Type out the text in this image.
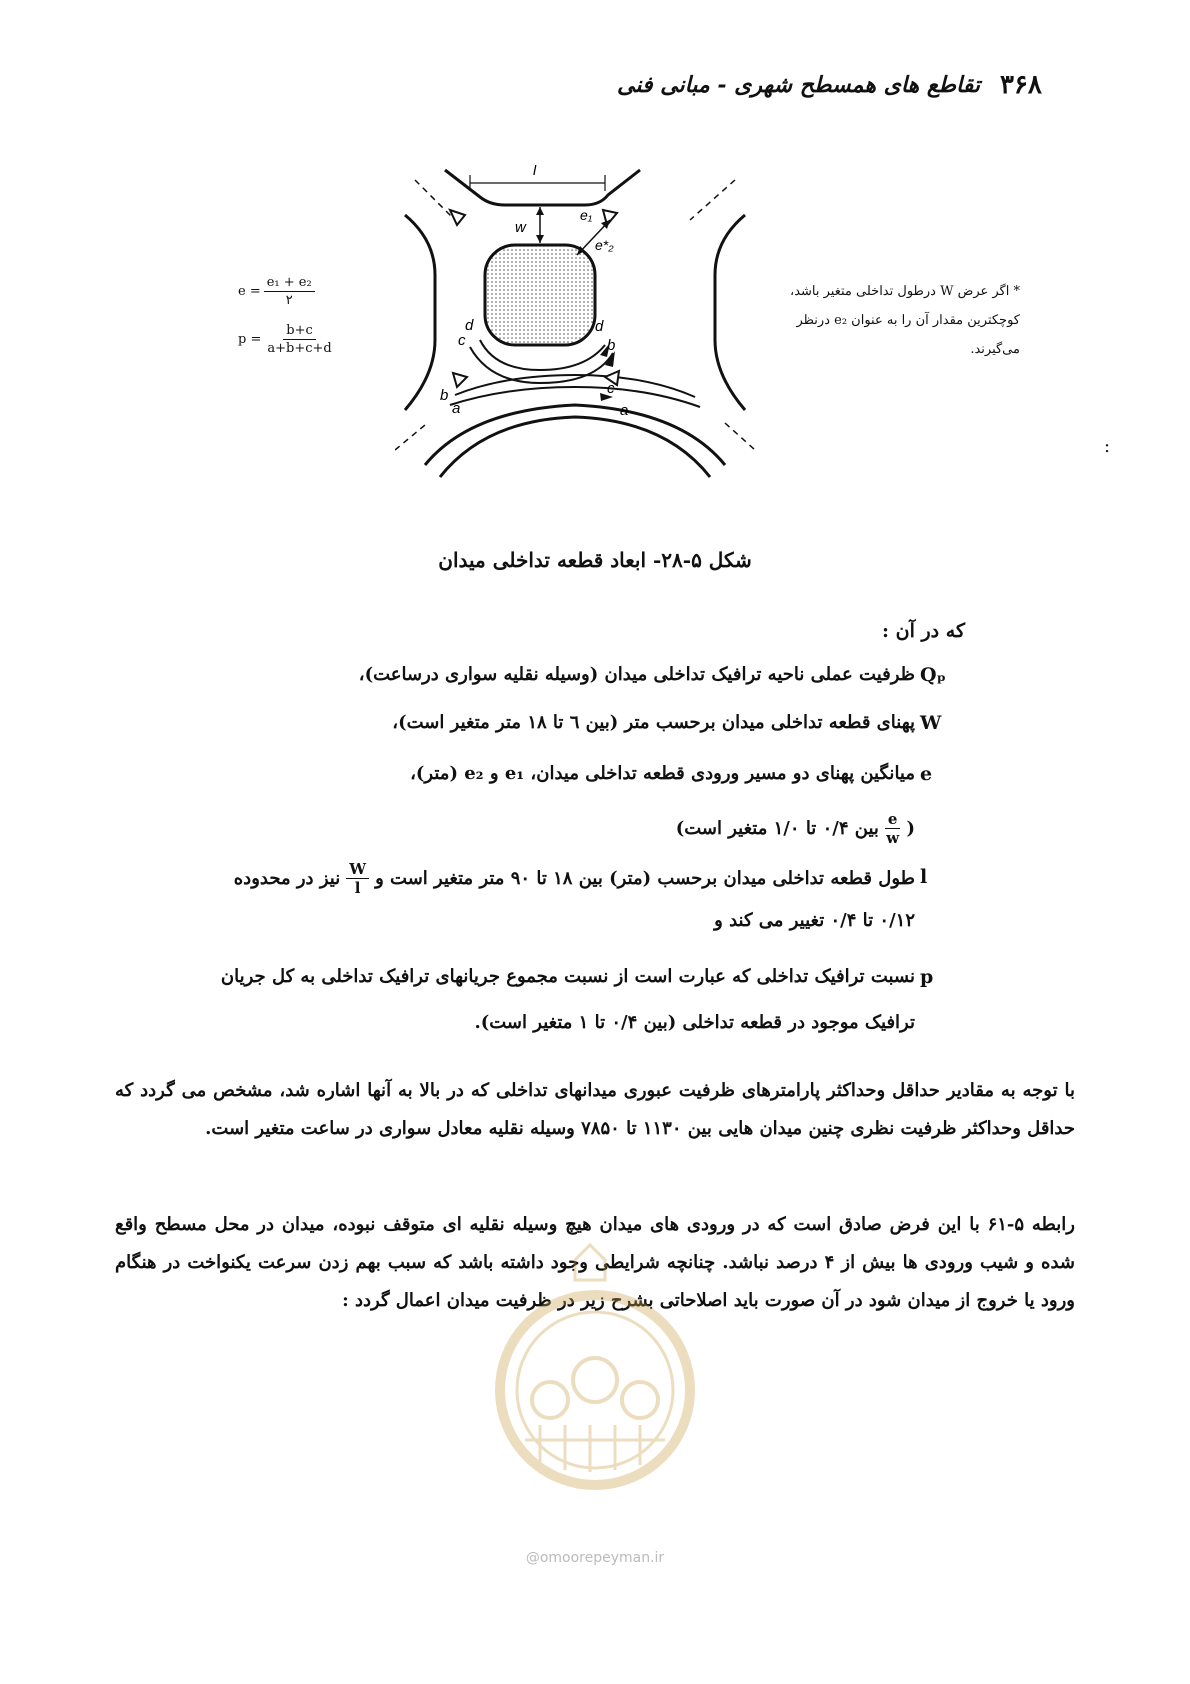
۳۶۸
تقاطع های همسطح شهری - مبانی فنی
l
w
e₁
e*₂
d
c
d
b
b
a
c
a
$e = \frac{\text{e₁ + e₂}}{۲}$
$p = \frac{b+c}{a+b+c+d}$
* اگر عرض W درطول تداخلی متغیر باشد،
کوچکترین مقدار آن را به عنوان e₂ درنظر
می‌گیرند.
:
شکل ۵-۲۸- ابعاد قطعه تداخلی میدان
که در آن :
Qₚ
ظرفیت عملی ناحیه ترافیک تداخلی میدان (وسیله نقلیه سواری درساعت)،
W
پهنای قطعه تداخلی میدان برحسب متر (بین ٦ تا ١٨ متر متغیر است)،
e
میانگین پهنای دو مسیر ورودی قطعه تداخلی میدان، e₁ و e₂ (متر)،
(
$\frac{e}{w}$
بین ۰/۴ تا ۱/۰ متغیر است)
l
طول قطعه تداخلی میدان برحسب (متر) بین ۱۸ تا ۹۰ متر متغیر است و
$\frac{W}{l}$
نیز در محدوده
۰/۱۲ تا ۰/۴ تغییر می کند و
p
نسبت ترافیک تداخلی که عبارت است از نسبت مجموع جریانهای ترافیک تداخلی به کل جریان
ترافیک موجود در قطعه تداخلی (بین ۰/۴ تا ۱ متغیر است).
با توجه به مقادیر حداقل وحداکثر پارامترهای ظرفیت عبوری میدانهای تداخلی که در بالا به آنها اشاره شد، مشخص می گردد که حداقل وحداکثر ظرفیت نظری چنین میدان هایی بین ۱۱۳۰ تا ۷۸۵۰ وسیله نقلیه معادل سواری در ساعت متغیر است.
رابطه ۵-۶۱ با این فرض صادق است که در ورودی های میدان هیچ وسیله نقلیه ای متوقف نبوده، میدان در محل مسطح واقع شده و شیب ورودی ها بیش از ۴ درصد نباشد. چنانچه شرایطی وجود داشته باشد که سبب بهم زدن سرعت یکنواخت در هنگام ورود یا خروج از میدان شود در آن صورت باید اصلاحاتی بشرح زیر در ظرفیت میدان اعمال گردد :
@omoorepeyman.ir
